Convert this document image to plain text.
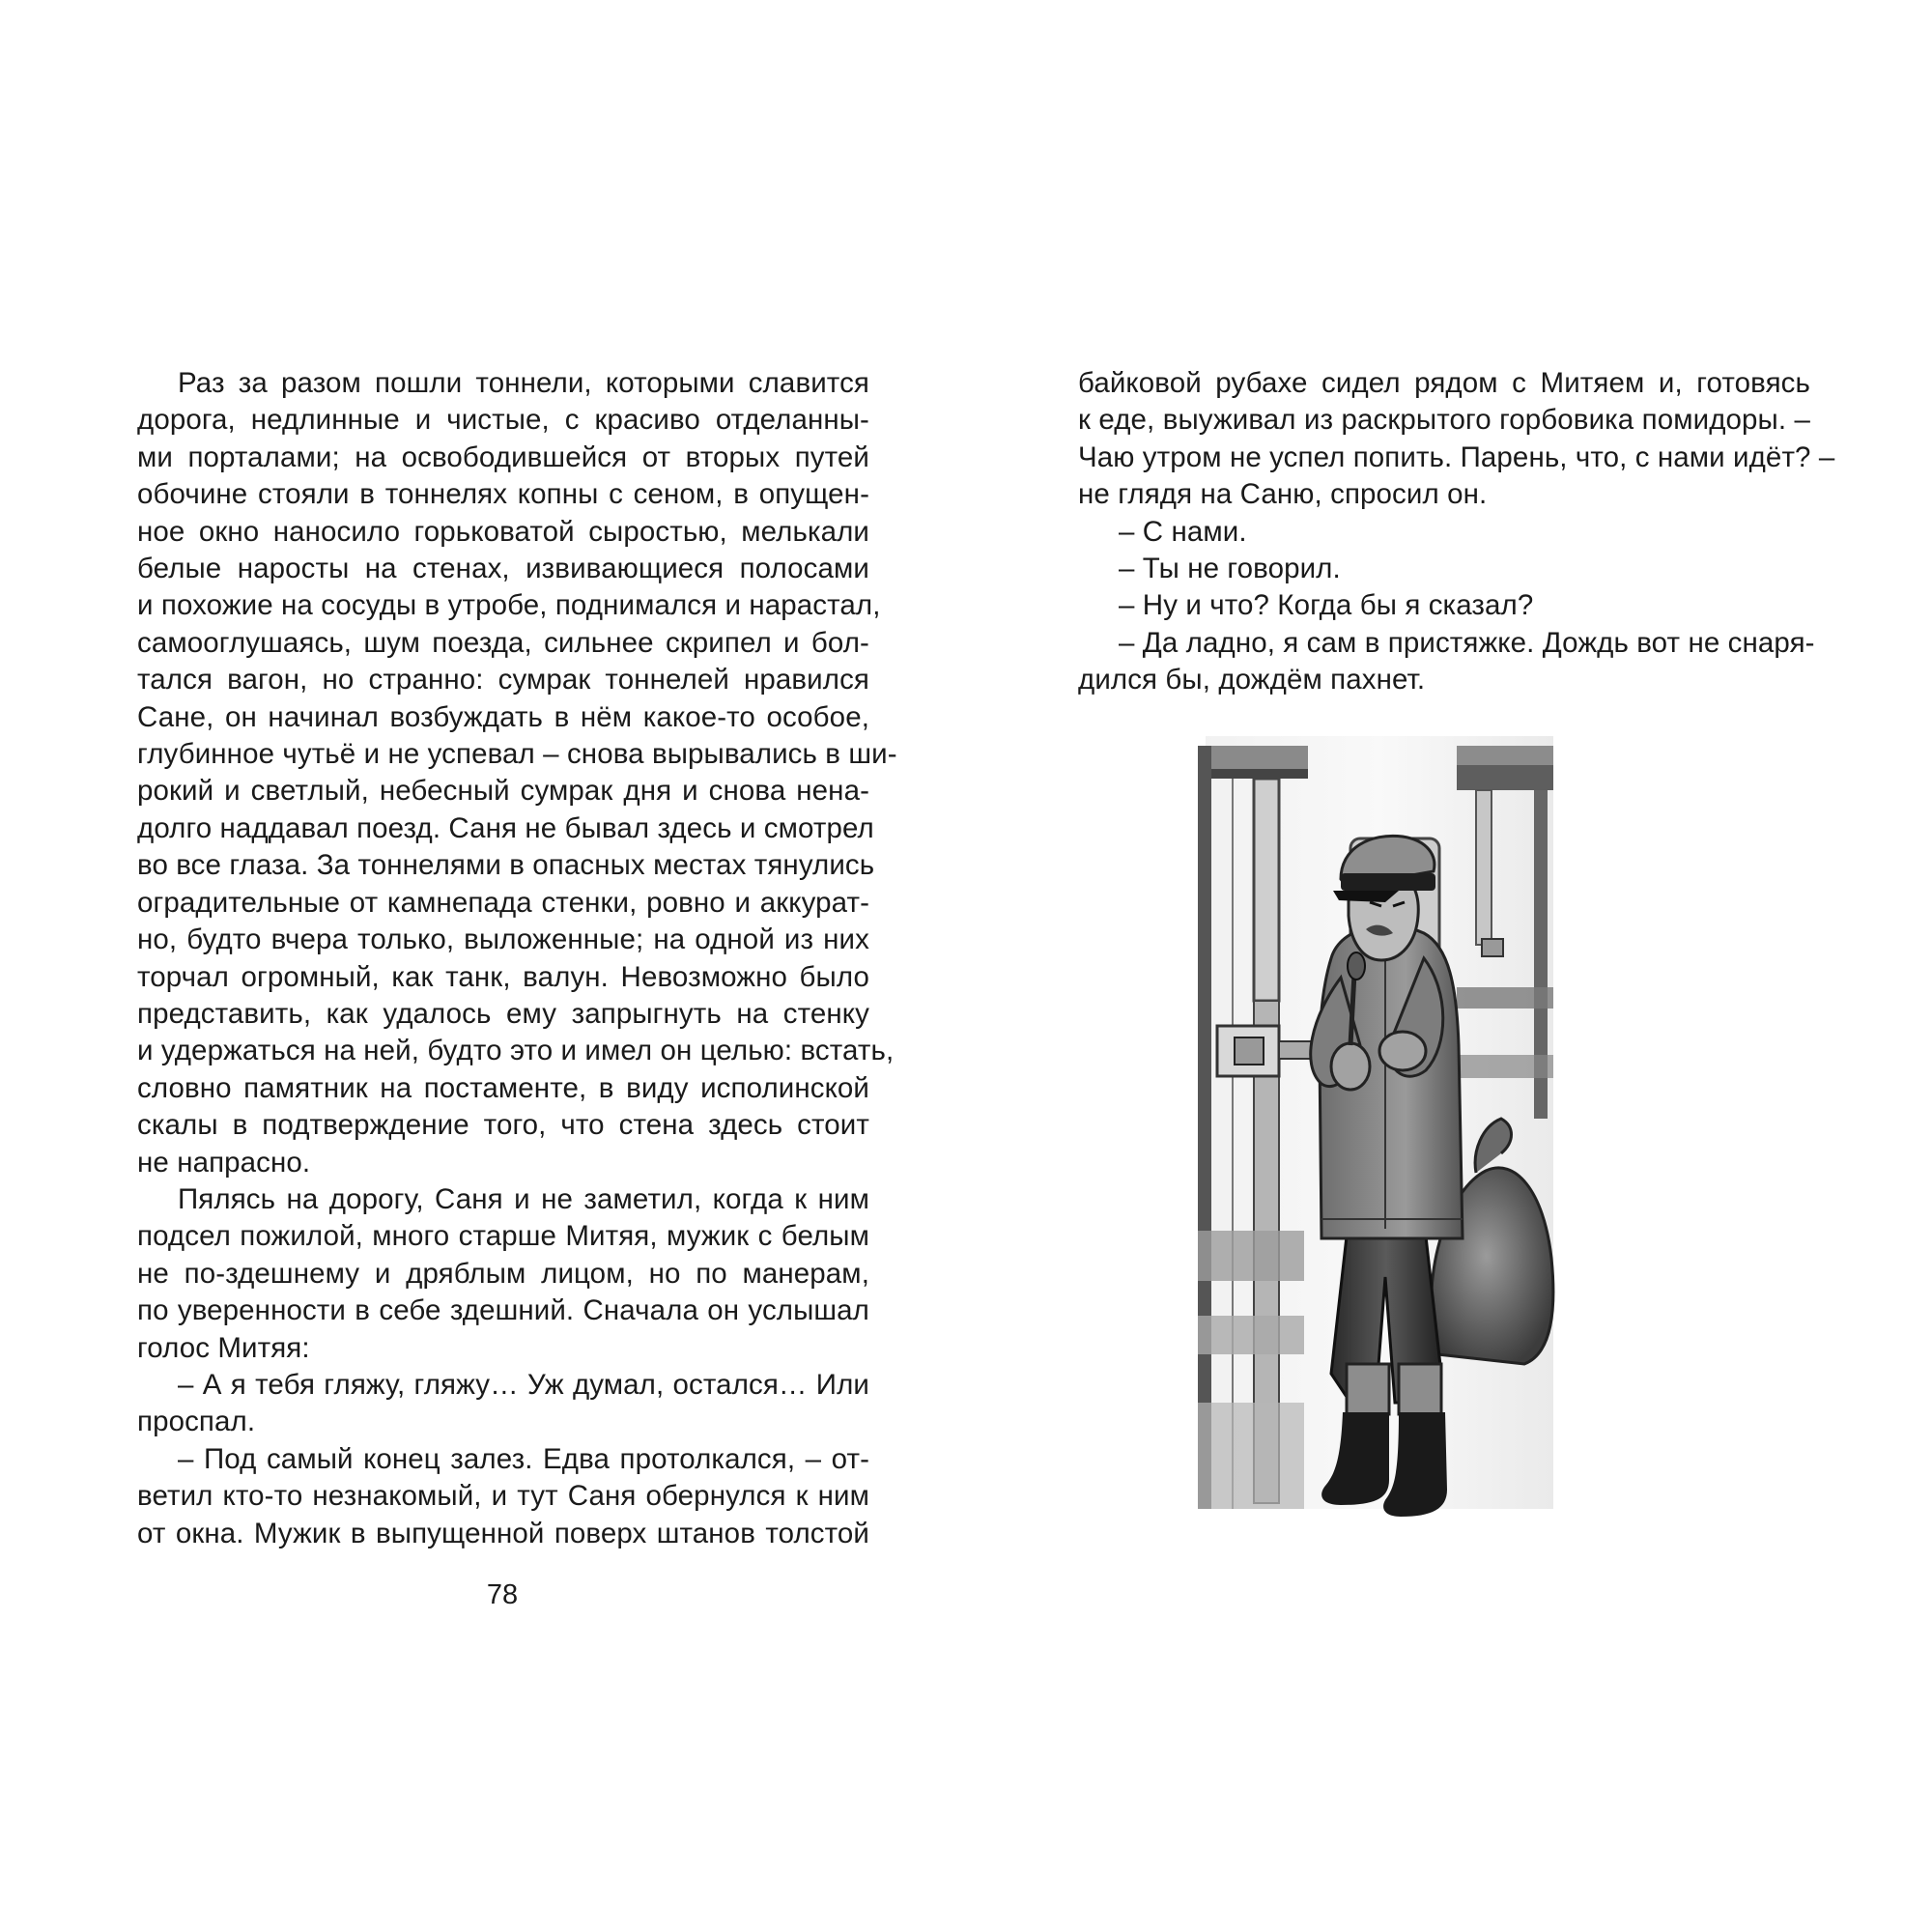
Раз за разом пошли тоннели, которыми славится
дорога, недлинные и чистые, с красиво отделанны-
ми порталами; на освободившейся от вторых путей
обочине стояли в тоннелях копны с сеном, в опущен-
ное окно наносило горьковатой сыростью, мелькали
белые наросты на стенах, извивающиеся полосами
и похожие на сосуды в утробе, поднимался и нарастал,
самооглушаясь, шум поезда, сильнее скрипел и бол-
тался вагон, но странно: сумрак тоннелей нравился
Сане, он начинал возбуждать в нём какое-то особое,
глубинное чутьё и не успевал – снова вырывались в ши-
рокий и светлый, небесный сумрак дня и снова нена-
долго наддавал поезд. Саня не бывал здесь и смотрел
во все глаза. За тоннелями в опасных местах тянулись
оградительные от камнепада стенки, ровно и аккурат-
но, будто вчера только, выложенные; на одной из них
торчал огромный, как танк, валун. Невозможно было
представить, как удалось ему запрыгнуть на стенку
и удержаться на ней, будто это и имел он целью: встать,
словно памятник на постаменте, в виду исполинской
скалы в подтверждение того, что стена здесь стоит
не напрасно.
Пялясь на дорогу, Саня и не заметил, когда к ним
подсел пожилой, много старше Митяя, мужик с белым
не по-здешнему и дряблым лицом, но по манерам,
по уверенности в себе здешний. Сначала он услышал
голос Митяя:
– А я тебя гляжу, гляжу… Уж думал, остался… Или
проспал.
– Под самый конец залез. Едва протолкался, – от-
ветил кто-то незнакомый, и тут Саня обернулся к ним
от окна. Мужик в выпущенной поверх штанов толстой
78
байковой рубахе сидел рядом с Митяем и, готовясь
к еде, выуживал из раскрытого горбовика помидоры. –
Чаю утром не успел попить. Парень, что, с нами идёт? –
не глядя на Саню, спросил он.
– С нами.
– Ты не говорил.
– Ну и что? Когда бы я сказал?
– Да ладно, я сам в пристяжке. Дождь вот не снаря-
дился бы, дождём пахнет.
